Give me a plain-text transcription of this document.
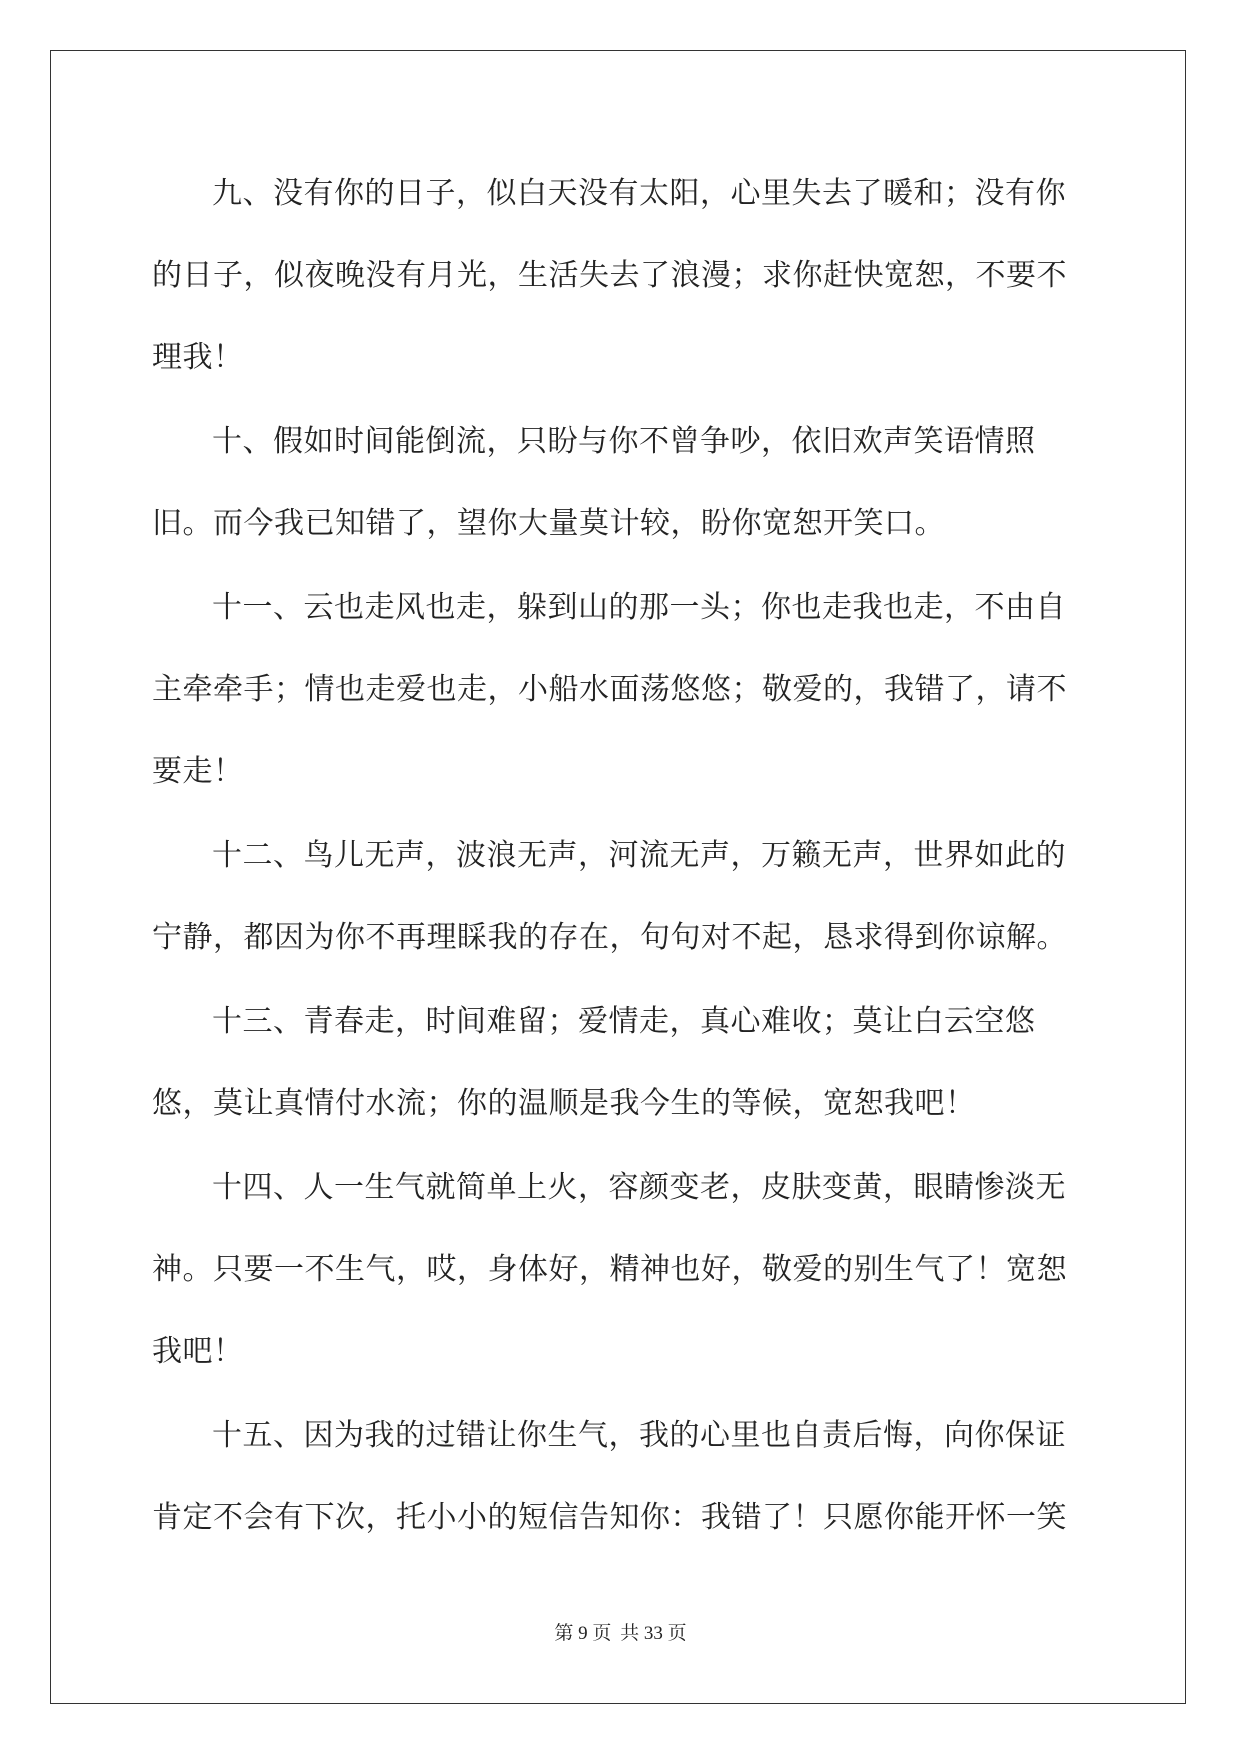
九、没有你的日子，似白天没有太阳，心里失去了暖和；没有你的日子，似夜晚没有月光，生活失去了浪漫；求你赶快宽恕，不要不理我！

十、假如时间能倒流，只盼与你不曾争吵，依旧欢声笑语情照旧。而今我已知错了，望你大量莫计较，盼你宽恕开笑口。

十一、云也走风也走，躲到山的那一头；你也走我也走，不由自主牵牵手；情也走爱也走，小船水面荡悠悠；敬爱的，我错了，请不要走！

十二、鸟儿无声，波浪无声，河流无声，万籁无声，世界如此的宁静，都因为你不再理睬我的存在，句句对不起，恳求得到你谅解。

十三、青春走，时间难留；爱情走，真心难收；莫让白云空悠悠，莫让真情付水流；你的温顺是我今生的等候，宽恕我吧！

十四、人一生气就简单上火，容颜变老，皮肤变黄，眼睛惨淡无神。只要一不生气，哎，身体好，精神也好，敬爱的别生气了！宽恕我吧！

十五、因为我的过错让你生气，我的心里也自责后悔，向你保证肯定不会有下次，托小小的短信告知你：我错了！只愿你能开怀一笑

第 9 页 共 33 页
